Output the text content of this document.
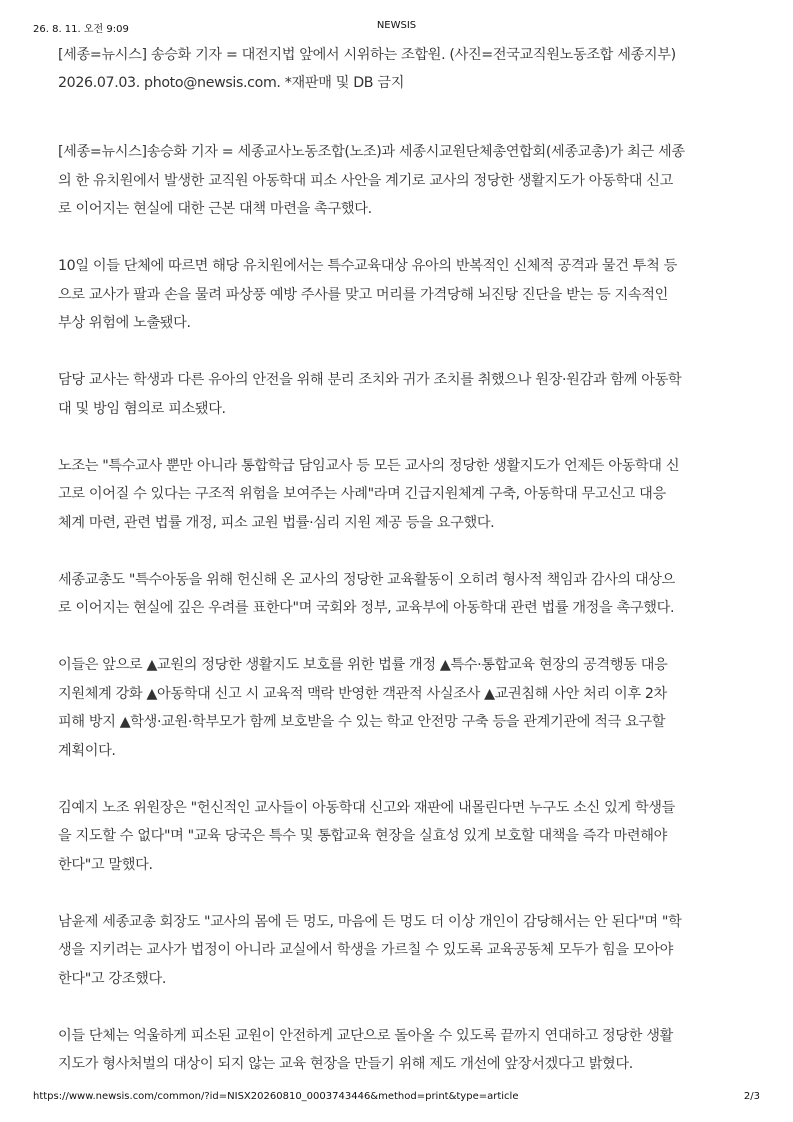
26. 8. 11. 오전 9:09	NEWSIS

[세종=뉴시스] 송승화 기자 = 대전지법 앞에서 시위하는 조합원. (사진=전국교직원노동조합 세종지부)

2026.07.03. photo@newsis.com. *재판매 및 DB 금지

[세종=뉴시스]송승화 기자 = 세종교사노동조합(노조)과 세종시교원단체총연합회(세종교총)가 최근 세종
의 한 유치원에서 발생한 교직원 아동학대 피소 사안을 계기로 교사의 정당한 생활지도가 아동학대 신고
로 이어지는 현실에 대한 근본 대책 마련을 촉구했다.

10일 이들 단체에 따르면 해당 유치원에서는 특수교육대상 유아의 반복적인 신체적 공격과 물건 투척 등
으로 교사가 팔과 손을 물려 파상풍 예방 주사를 맞고 머리를 가격당해 뇌진탕 진단을 받는 등 지속적인
부상 위험에 노출됐다.

담당 교사는 학생과 다른 유아의 안전을 위해 분리 조치와 귀가 조치를 취했으나 원장·원감과 함께 아동학
대 및 방임 혐의로 피소됐다.

노조는 "특수교사 뿐만 아니라 통합학급 담임교사 등 모든 교사의 정당한 생활지도가 언제든 아동학대 신
고로 이어질 수 있다는 구조적 위험을 보여주는 사례"라며 긴급지원체계 구축, 아동학대 무고신고 대응
체계 마련, 관련 법률 개정, 피소 교원 법률·심리 지원 제공 등을 요구했다.

세종교총도 "특수아동을 위해 헌신해 온 교사의 정당한 교육활동이 오히려 형사적 책임과 감사의 대상으
로 이어지는 현실에 깊은 우려를 표한다"며 국회와 정부, 교육부에 아동학대 관련 법률 개정을 촉구했다.

이들은 앞으로 ▲교원의 정당한 생활지도 보호를 위한 법률 개정 ▲특수·통합교육 현장의 공격행동 대응
지원체계 강화 ▲아동학대 신고 시 교육적 맥락 반영한 객관적 사실조사 ▲교권침해 사안 처리 이후 2차
피해 방지 ▲학생·교원·학부모가 함께 보호받을 수 있는 학교 안전망 구축 등을 관계기관에 적극 요구할
계획이다.

김예지 노조 위원장은 "헌신적인 교사들이 아동학대 신고와 재판에 내몰린다면 누구도 소신 있게 학생들
을 지도할 수 없다"며 "교육 당국은 특수 및 통합교육 현장을 실효성 있게 보호할 대책을 즉각 마련해야
한다"고 말했다.

남윤제 세종교총 회장도 "교사의 몸에 든 멍도, 마음에 든 멍도 더 이상 개인이 감당해서는 안 된다"며 "학
생을 지키려는 교사가 법정이 아니라 교실에서 학생을 가르칠 수 있도록 교육공동체 모두가 힘을 모아야
한다"고 강조했다.

이들 단체는 억울하게 피소된 교원이 안전하게 교단으로 돌아올 수 있도록 끝까지 연대하고 정당한 생활
지도가 형사처벌의 대상이 되지 않는 교육 현장을 만들기 위해 제도 개선에 앞장서겠다고 밝혔다.

https://www.newsis.com/common/?id=NISX20260810_0003743446&method=print&type=article	2/3
